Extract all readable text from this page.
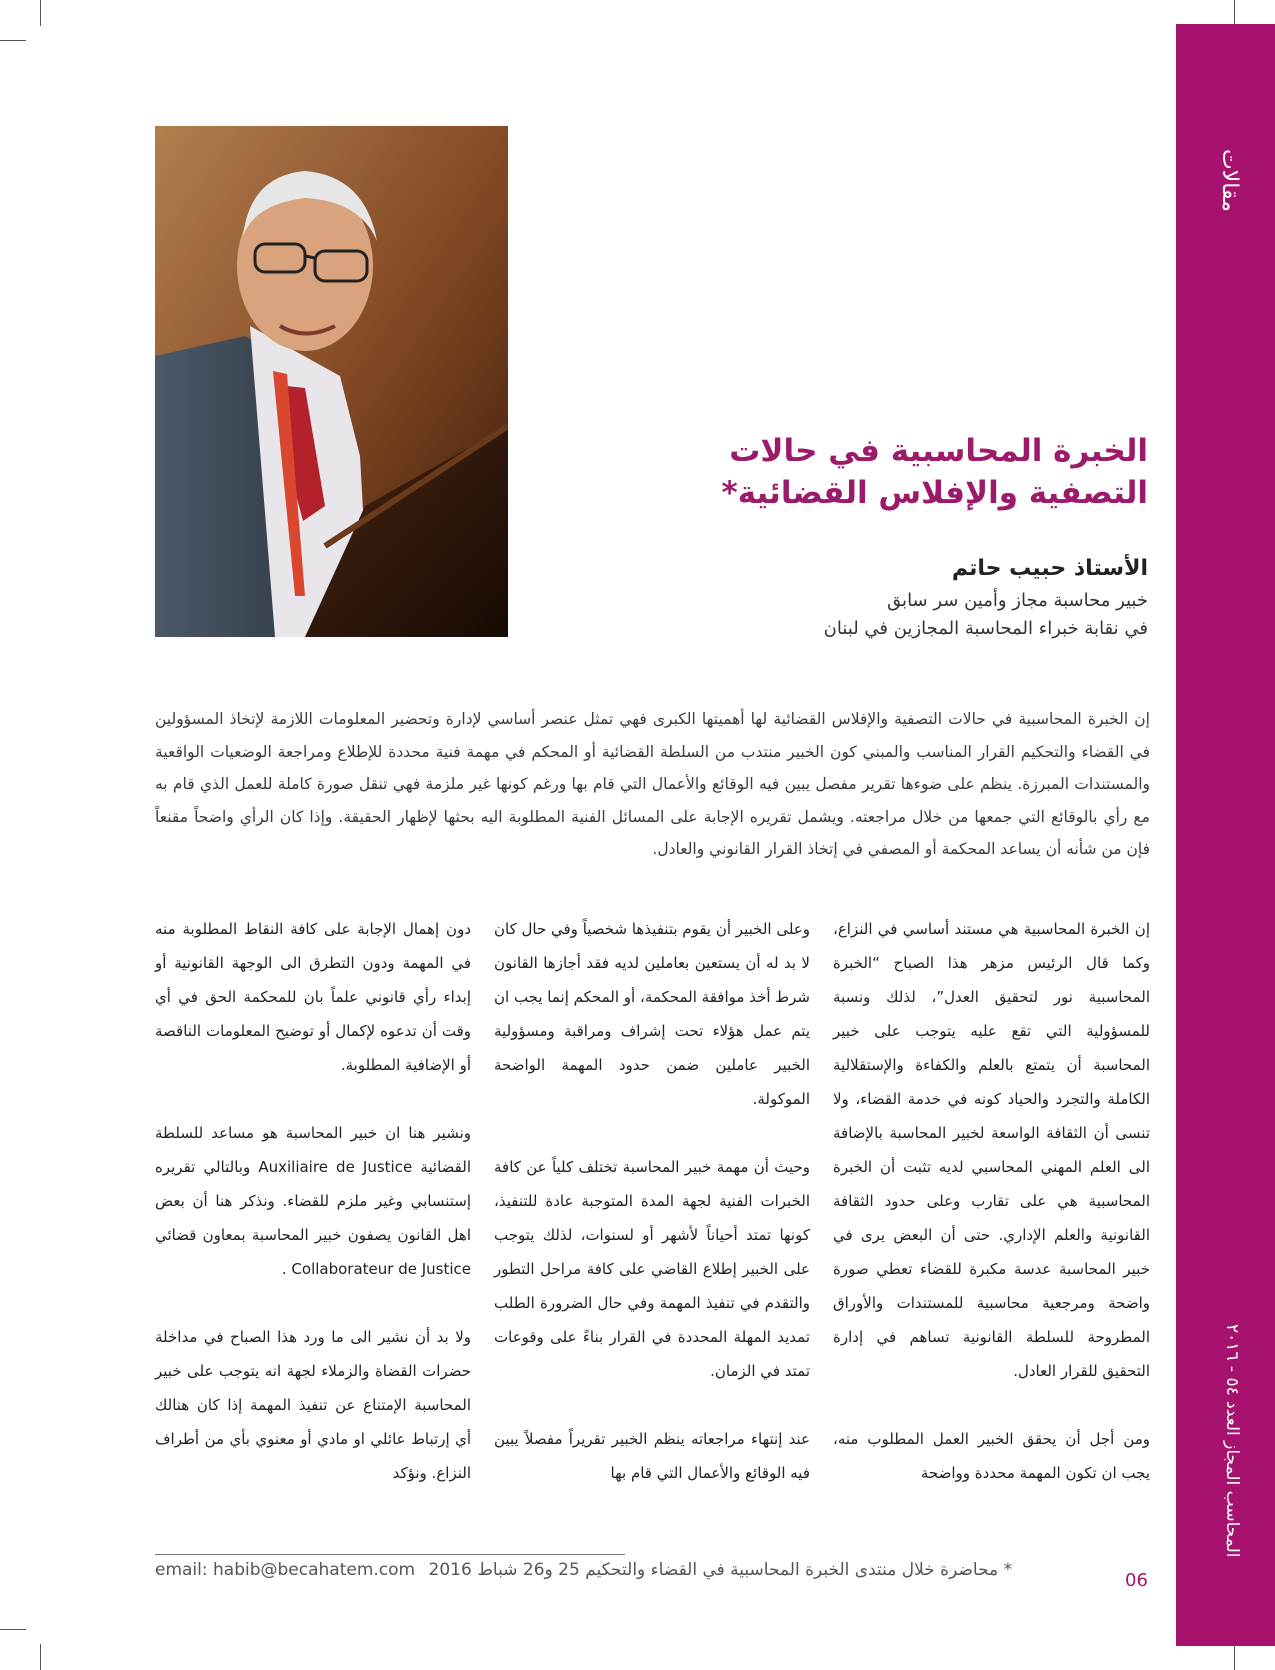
مقالات
المحاسب المجاز العدد ٥٤ - ٢٠١٦
الخبرة المحاسبية في حالات
التصفية والإفلاس القضائية*
الأستاذ حبيب حاتم
خبير محاسبة مجاز وأمين سر سابق
في نقابة خبراء المحاسبة المجازين في لبنان
إن الخبرة المحاسبية في حالات التصفية والإفلاس القضائية لها أهميتها الكبرى فهي تمثل عنصر أساسي لإدارة وتحضير المعلومات اللازمة لإتخاذ المسؤولين في القضاء والتحكيم القرار المناسب والمبني كون الخبير منتدب من السلطة القضائية أو المحكم في مهمة فنية محددة للإطلاع ومراجعة الوضعيات الواقعية والمستندات المبرزة. ينظم على ضوءها تقرير مفصل يبين فيه الوقائع والأعمال التي قام بها ورغم كونها غير ملزمة فهي تنقل صورة كاملة للعمل الذي قام به مع رأي بالوقائع التي جمعها من خلال مراجعته. ويشمل تقريره الإجابة على المسائل الفنية المطلوبة اليه بحثها لإظهار الحقيقة. وإذا كان الرأي واضحاً مقنعاً فإن من شأنه أن يساعد المحكمة أو المصفي في إتخاذ القرار القانوني والعادل.

إن الخبرة المحاسبية هي مستند أساسي في النزاع، وكما قال الرئيس مزهر هذا الصباح “الخبرة المحاسبية نور لتحقيق العدل”، لذلك ونسبة للمسؤولية التي تقع عليه يتوجب على خبير المحاسبة أن يتمتع بالعلم والكفاءة والإستقلالية الكاملة والتجرد والحياد كونه في خدمة القضاء، ولا تنسى أن الثقافة الواسعة لخبير المحاسبة بالإضافة الى العلم المهني المحاسبي لديه تثبت أن الخبرة المحاسبية هي على تقارب وعلى حدود الثقافة القانونية والعلم الإداري. حتى أن البعض يرى في خبير المحاسبة عدسة مكبرة للقضاء تعطي صورة واضحة ومرجعية محاسبية للمستندات والأوراق المطروحة للسلطة القانونية تساهم في إدارة التحقيق للقرار العادل.

ومن أجل أن يحقق الخبير العمل المطلوب منه، يجب ان تكون المهمة محددة وواضحة

وعلى الخبير أن يقوم بتنفيذها شخصياً وفي حال كان لا بد له أن يستعين بعاملين لديه فقد أجازها القانون شرط أخذ موافقة المحكمة، أو المحكم إنما يجب ان يتم عمل هؤلاء تحت إشراف ومراقبة ومسؤولية الخبير عاملين ضمن حدود المهمة الواضحة الموكولة.

وحيث أن مهمة خبير المحاسبة تختلف كلياً عن كافة الخبرات الفنية لجهة المدة المتوجبة عادة للتنفيذ، كونها تمتد أحياناً لأشهر أو لسنوات، لذلك يتوجب على الخبير إطلاع القاضي على كافة مراحل التطور والتقدم في تنفيذ المهمة وفي حال الضرورة الطلب تمديد المهلة المحددة في القرار بناءً على وقوعات تمتد في الزمان.

عند إنتهاء مراجعاته ينظم الخبير تقريراً مفصلاً يبين فيه الوقائع والأعمال التي قام بها

دون إهمال الإجابة على كافة النقاط المطلوبة منه في المهمة ودون التطرق الى الوجهة القانونية أو إبداء رأي قانوني علماً بان للمحكمة الحق في أي وقت أن تدعوه لإكمال أو توضيح المعلومات الناقصة أو الإضافية المطلوبة.

ونشير هنا ان خبير المحاسبة هو مساعد للسلطة القضائية Auxiliaire de Justice وبالتالي تقريره إستنسابي وغير ملزم للقضاء. ونذكر هنا أن بعض اهل القانون يصفون خبير المحاسبة بمعاون قضائي Collaborateur de Justice .

ولا بد أن نشير الى ما ورد هذا الصباح في مداخلة حضرات القضاة والزملاء لجهة انه يتوجب على خبير المحاسبة الإمتناع عن تنفيذ المهمة إذا كان هنالك أي إرتباط عائلي او مادي أو معنوي بأي من أطراف النزاع. ونؤكد

* محاضرة خلال منتدى الخبرة المحاسبية في القضاء والتحكيم 25 و26 شباط 2016 email: habib@becahatem.com	06
